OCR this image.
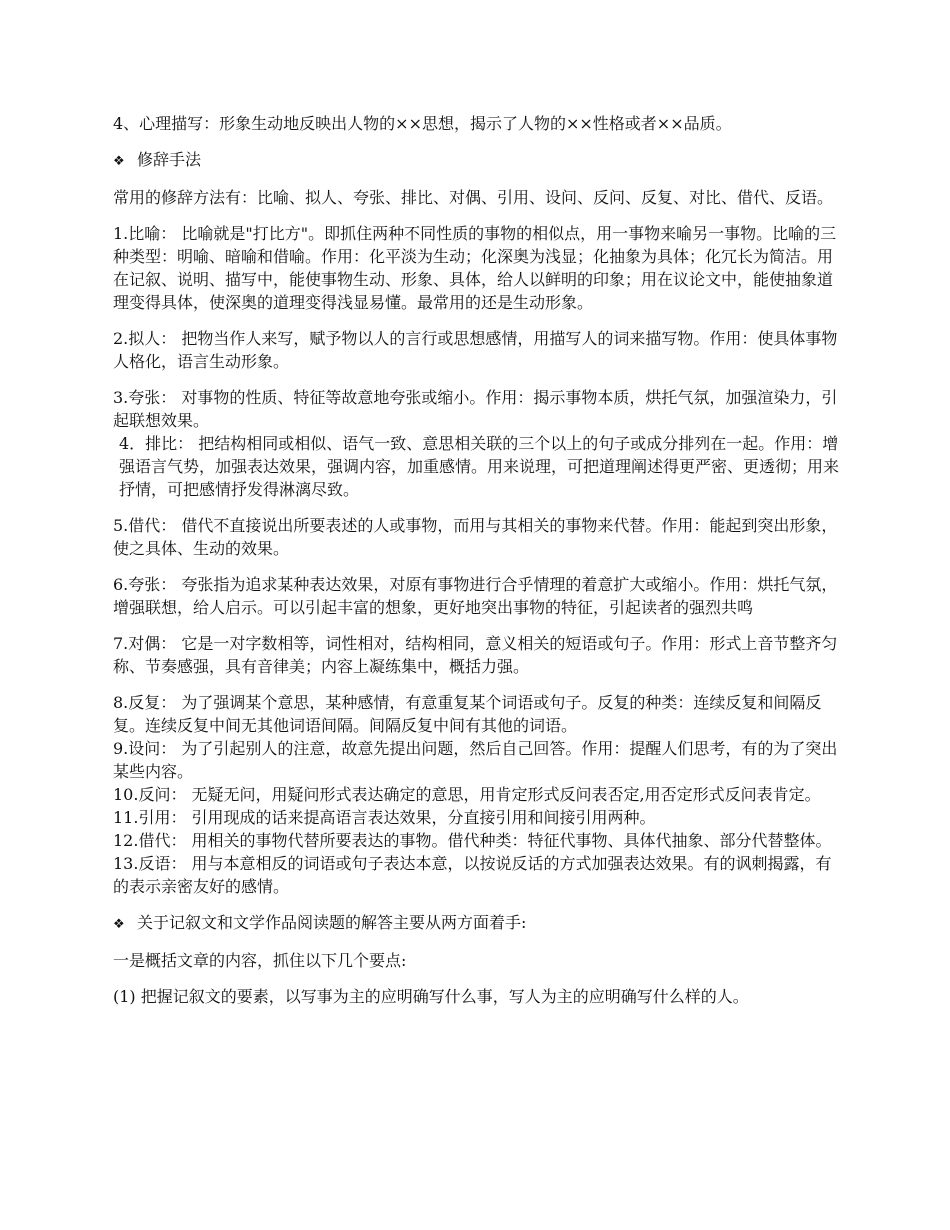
4、心理描写：形象生动地反映出人物的××思想，揭示了人物的××性格或者××品质。

❖ 修辞手法

常用的修辞方法有：比喻、拟人、夸张、排比、对偶、引用、设问、反问、反复、对比、借代、反语。

1.比喻： 比喻就是"打比方"。即抓住两种不同性质的事物的相似点，用一事物来喻另一事物。比喻的三种类型：明喻、暗喻和借喻。作用：化平淡为生动；化深奥为浅显；化抽象为具体；化冗长为简洁。用在记叙、说明、描写中，能使事物生动、形象、具体，给人以鲜明的印象；用在议论文中，能使抽象道理变得具体，使深奥的道理变得浅显易懂。最常用的还是生动形象。

2.拟人： 把物当作人来写，赋予物以人的言行或思想感情，用描写人的词来描写物。作用：使具体事物人格化，语言生动形象。

3.夸张： 对事物的性质、特征等故意地夸张或缩小。作用：揭示事物本质，烘托气氛，加强渲染力，引起联想效果。

4．排比： 把结构相同或相似、语气一致、意思相关联的三个以上的句子或成分排列在一起。作用：增强语言气势，加强表达效果，强调内容，加重感情。用来说理，可把道理阐述得更严密、更透彻；用来抒情，可把感情抒发得淋漓尽致。

5.借代： 借代不直接说出所要表述的人或事物，而用与其相关的事物来代替。作用：能起到突出形象，使之具体、生动的效果。

6.夸张： 夸张指为追求某种表达效果，对原有事物进行合乎情理的着意扩大或缩小。作用：烘托气氛，增强联想，给人启示。可以引起丰富的想象，更好地突出事物的特征，引起读者的强烈共鸣

7.对偶： 它是一对字数相等，词性相对，结构相同，意义相关的短语或句子。作用：形式上音节整齐匀称、节奏感强，具有音律美；内容上凝练集中，概括力强。

8.反复： 为了强调某个意思，某种感情，有意重复某个词语或句子。反复的种类：连续反复和间隔反复。连续反复中间无其他词语间隔。间隔反复中间有其他的词语。

9.设问： 为了引起别人的注意，故意先提出问题，然后自己回答。作用：提醒人们思考，有的为了突出某些内容。

10.反问： 无疑无问，用疑问形式表达确定的意思，用肯定形式反问表否定,用否定形式反问表肯定。

11.引用： 引用现成的话来提高语言表达效果，分直接引用和间接引用两种。

12.借代： 用相关的事物代替所要表达的事物。借代种类：特征代事物、具体代抽象、部分代替整体。

13.反语： 用与本意相反的词语或句子表达本意，以按说反话的方式加强表达效果。有的讽刺揭露，有的表示亲密友好的感情。

❖ 关于记叙文和文学作品阅读题的解答主要从两方面着手:

一是概括文章的内容，抓住以下几个要点:

(1) 把握记叙文的要素，以写事为主的应明确写什么事，写人为主的应明确写什么样的人。
